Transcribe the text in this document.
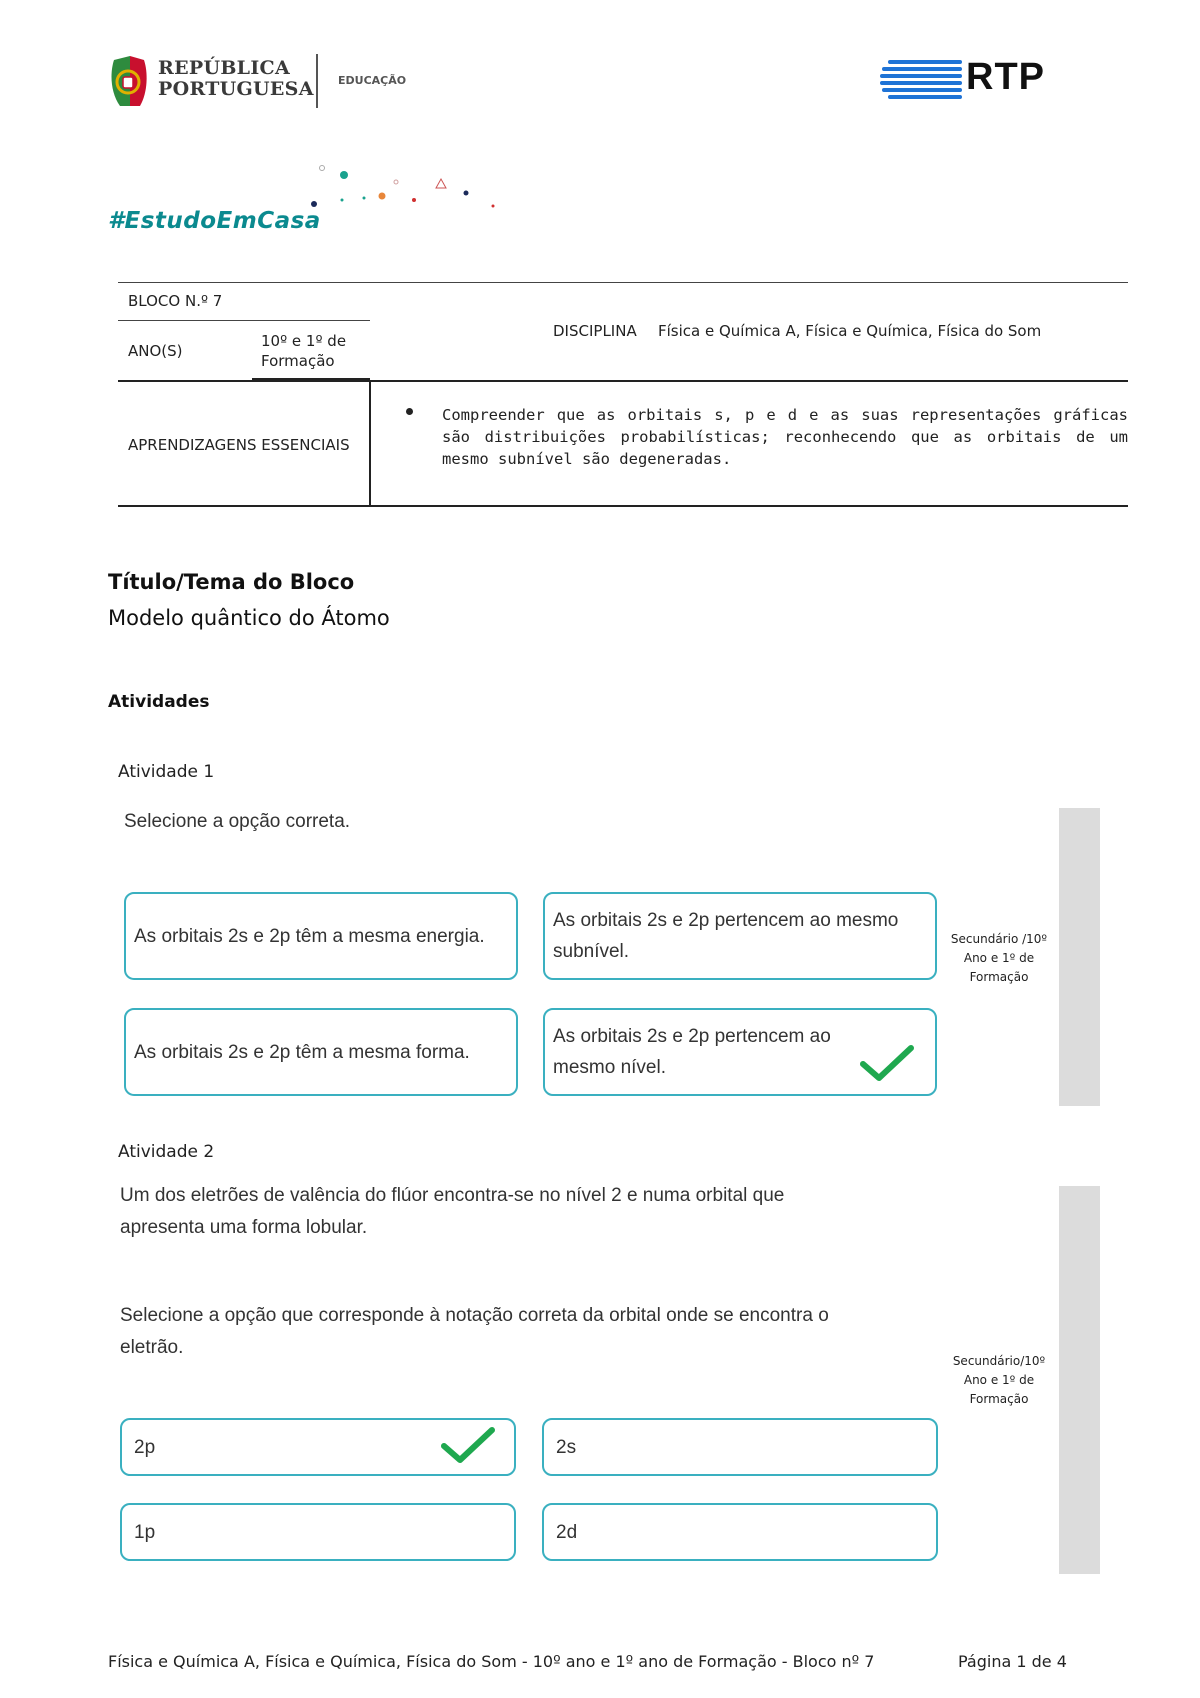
REPÚBLICA
PORTUGUESA EDUCAÇÃO	RTP
#EstudoEmCasa
BLOCO N.º 7
ANO(S)
10º e 1º de
Formação
DISCIPLINA Física e Química A, Física e Química, Física do Som
APRENDIZAGENS ESSENCIAIS
Compreender que as orbitais s, p e d e as suas representações gráficas são distribuições probabilísticas; reconhecendo que as orbitais de um mesmo subnível são degeneradas.
Título/Tema do Bloco
Modelo quântico do Átomo
Atividades
Atividade 1
Selecione a opção correta.
As orbitais 2s e 2p têm a mesma energia.
As orbitais 2s e 2p pertencem ao mesmo subnível.
As orbitais 2s e 2p têm a mesma forma.
As orbitais 2s e 2p pertencem ao mesmo nível.
Secundário /10º
Ano e 1º de
Formação
Atividade 2
Um dos eletrões de valência do flúor encontra-se no nível 2 e numa orbital que
apresenta uma forma lobular.
Selecione a opção que corresponde à notação correta da orbital onde se encontra o
eletrão.
2p	2s
1p	2d
Secundário/10º
Ano e 1º de
Formação
Física e Química A, Física e Química, Física do Som - 10º ano e 1º ano de Formação - Bloco nº 7	Página 1 de 4
